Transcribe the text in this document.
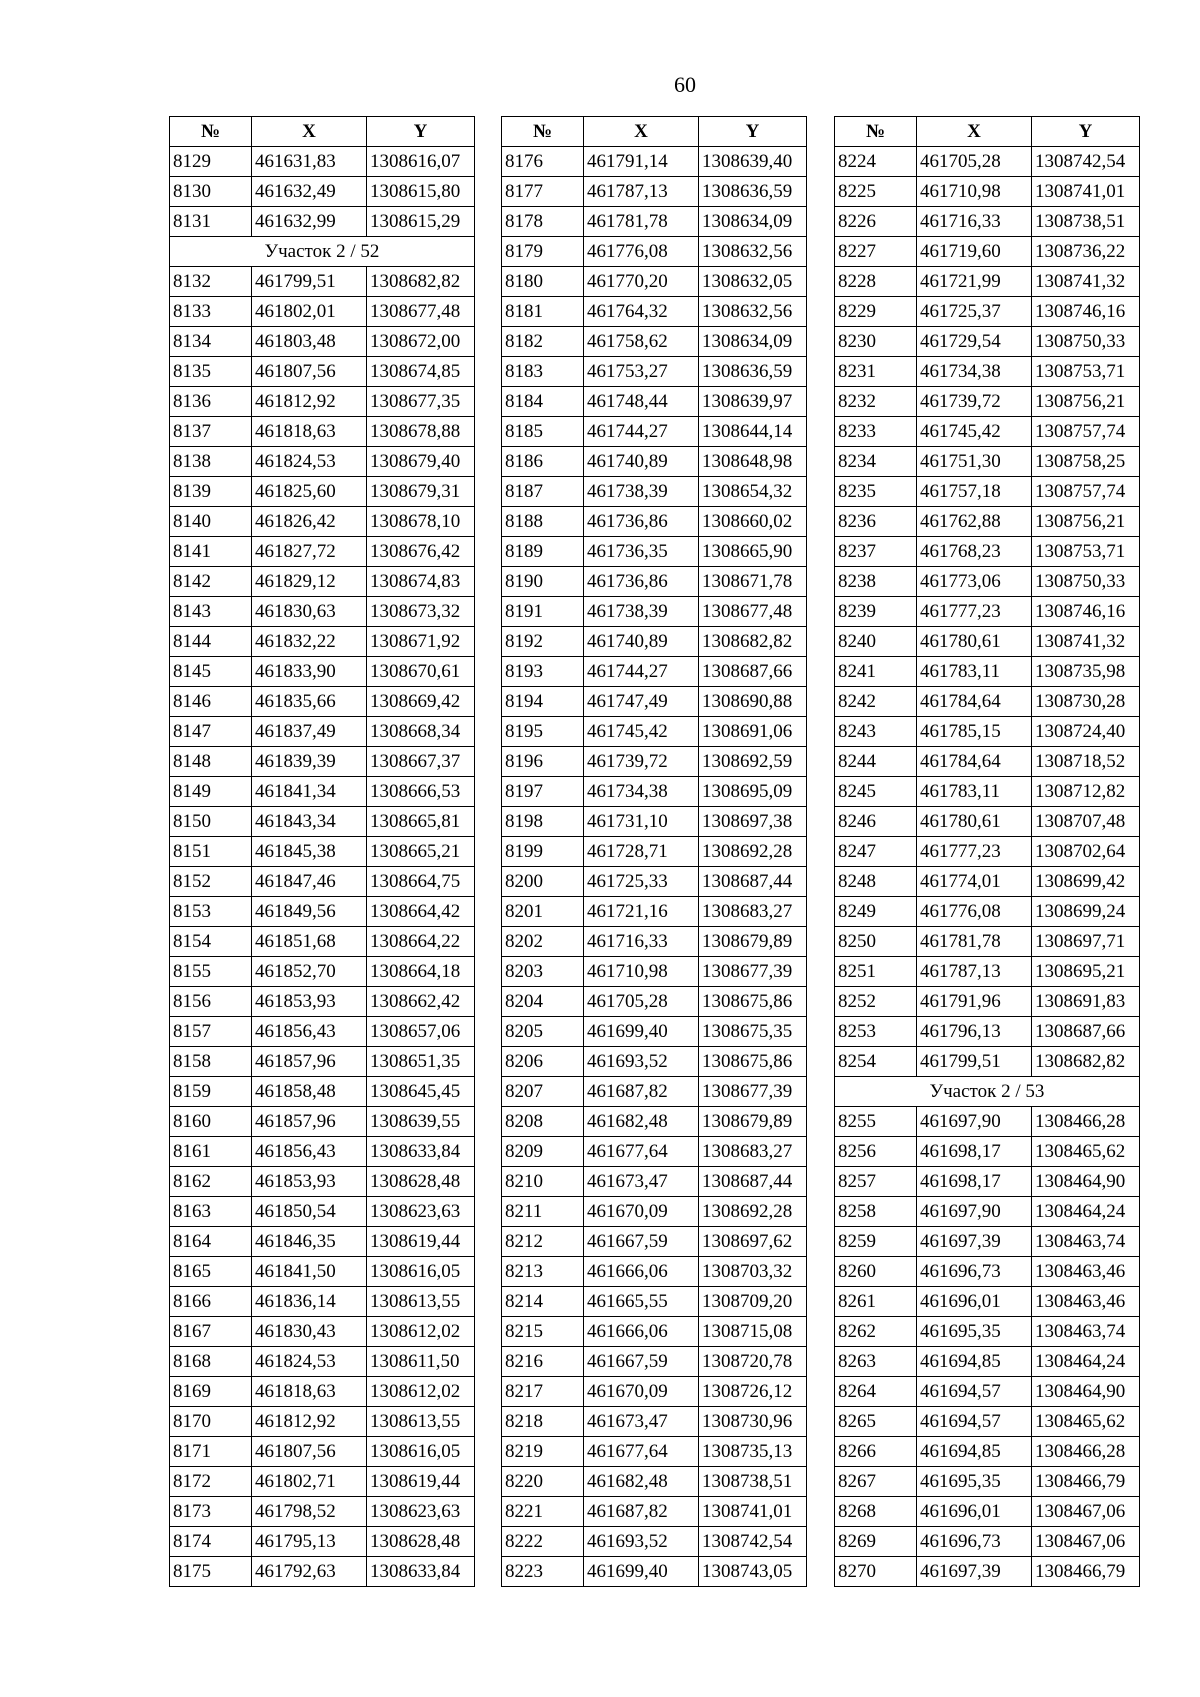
60
№	X	Y
8129	461631,83	1308616,07
8130	461632,49	1308615,80
8131	461632,99	1308615,29
Участок 2 / 52		
8132	461799,51	1308682,82
8133	461802,01	1308677,48
8134	461803,48	1308672,00
8135	461807,56	1308674,85
8136	461812,92	1308677,35
8137	461818,63	1308678,88
8138	461824,53	1308679,40
8139	461825,60	1308679,31
8140	461826,42	1308678,10
8141	461827,72	1308676,42
8142	461829,12	1308674,83
8143	461830,63	1308673,32
8144	461832,22	1308671,92
8145	461833,90	1308670,61
8146	461835,66	1308669,42
8147	461837,49	1308668,34
8148	461839,39	1308667,37
8149	461841,34	1308666,53
8150	461843,34	1308665,81
8151	461845,38	1308665,21
8152	461847,46	1308664,75
8153	461849,56	1308664,42
8154	461851,68	1308664,22
8155	461852,70	1308664,18
8156	461853,93	1308662,42
8157	461856,43	1308657,06
8158	461857,96	1308651,35
8159	461858,48	1308645,45
8160	461857,96	1308639,55
8161	461856,43	1308633,84
8162	461853,93	1308628,48
8163	461850,54	1308623,63
8164	461846,35	1308619,44
8165	461841,50	1308616,05
8166	461836,14	1308613,55
8167	461830,43	1308612,02
8168	461824,53	1308611,50
8169	461818,63	1308612,02
8170	461812,92	1308613,55
8171	461807,56	1308616,05
8172	461802,71	1308619,44
8173	461798,52	1308623,63
8174	461795,13	1308628,48
8175	461792,63	1308633,84
№	X	Y
8176	461791,14	1308639,40
8177	461787,13	1308636,59
8178	461781,78	1308634,09
8179	461776,08	1308632,56
8180	461770,20	1308632,05
8181	461764,32	1308632,56
8182	461758,62	1308634,09
8183	461753,27	1308636,59
8184	461748,44	1308639,97
8185	461744,27	1308644,14
8186	461740,89	1308648,98
8187	461738,39	1308654,32
8188	461736,86	1308660,02
8189	461736,35	1308665,90
8190	461736,86	1308671,78
8191	461738,39	1308677,48
8192	461740,89	1308682,82
8193	461744,27	1308687,66
8194	461747,49	1308690,88
8195	461745,42	1308691,06
8196	461739,72	1308692,59
8197	461734,38	1308695,09
8198	461731,10	1308697,38
8199	461728,71	1308692,28
8200	461725,33	1308687,44
8201	461721,16	1308683,27
8202	461716,33	1308679,89
8203	461710,98	1308677,39
8204	461705,28	1308675,86
8205	461699,40	1308675,35
8206	461693,52	1308675,86
8207	461687,82	1308677,39
8208	461682,48	1308679,89
8209	461677,64	1308683,27
8210	461673,47	1308687,44
8211	461670,09	1308692,28
8212	461667,59	1308697,62
8213	461666,06	1308703,32
8214	461665,55	1308709,20
8215	461666,06	1308715,08
8216	461667,59	1308720,78
8217	461670,09	1308726,12
8218	461673,47	1308730,96
8219	461677,64	1308735,13
8220	461682,48	1308738,51
8221	461687,82	1308741,01
8222	461693,52	1308742,54
8223	461699,40	1308743,05
№	X	Y
8224	461705,28	1308742,54
8225	461710,98	1308741,01
8226	461716,33	1308738,51
8227	461719,60	1308736,22
8228	461721,99	1308741,32
8229	461725,37	1308746,16
8230	461729,54	1308750,33
8231	461734,38	1308753,71
8232	461739,72	1308756,21
8233	461745,42	1308757,74
8234	461751,30	1308758,25
8235	461757,18	1308757,74
8236	461762,88	1308756,21
8237	461768,23	1308753,71
8238	461773,06	1308750,33
8239	461777,23	1308746,16
8240	461780,61	1308741,32
8241	461783,11	1308735,98
8242	461784,64	1308730,28
8243	461785,15	1308724,40
8244	461784,64	1308718,52
8245	461783,11	1308712,82
8246	461780,61	1308707,48
8247	461777,23	1308702,64
8248	461774,01	1308699,42
8249	461776,08	1308699,24
8250	461781,78	1308697,71
8251	461787,13	1308695,21
8252	461791,96	1308691,83
8253	461796,13	1308687,66
8254	461799,51	1308682,82
Участок 2 / 53		
8255	461697,90	1308466,28
8256	461698,17	1308465,62
8257	461698,17	1308464,90
8258	461697,90	1308464,24
8259	461697,39	1308463,74
8260	461696,73	1308463,46
8261	461696,01	1308463,46
8262	461695,35	1308463,74
8263	461694,85	1308464,24
8264	461694,57	1308464,90
8265	461694,57	1308465,62
8266	461694,85	1308466,28
8267	461695,35	1308466,79
8268	461696,01	1308467,06
8269	461696,73	1308467,06
8270	461697,39	1308466,79
